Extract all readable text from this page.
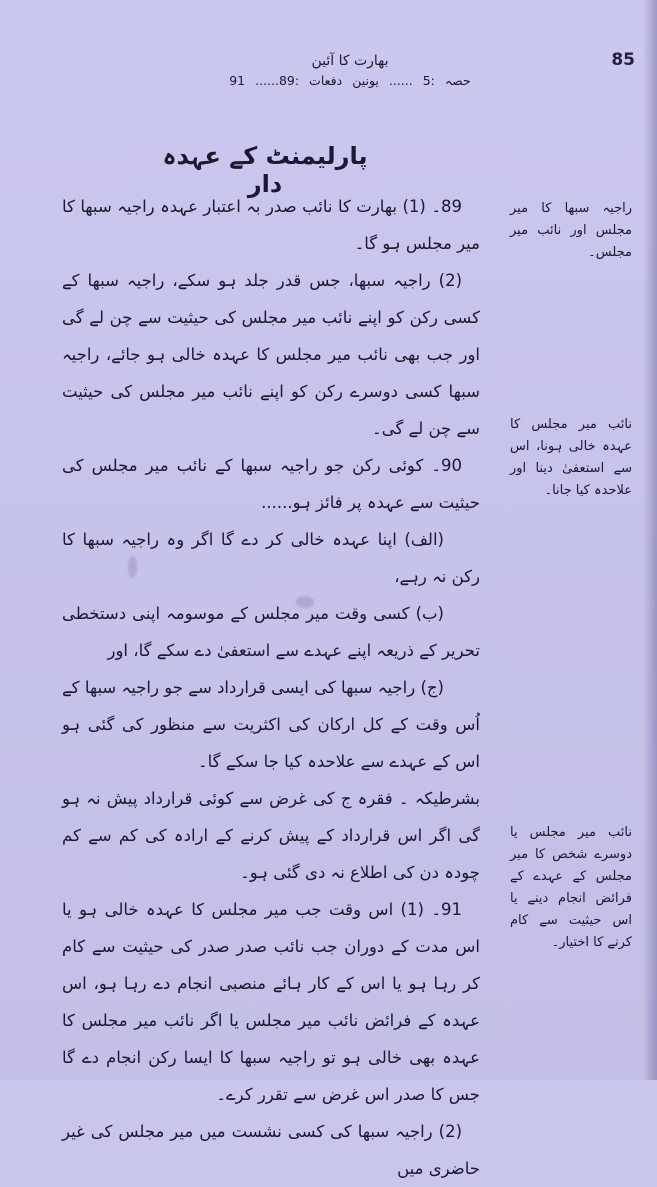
85
بھارت کا آئین
حصہ :5 ...... یونین دفعات :89...... 91
پارلیمنٹ کے عہدہ دار

89۔ (1) بھارت کا نائب صدر بہ اعتبار عہدہ راجیہ سبھا کا میر مجلس ہو گا۔

(2) راجیہ سبھا، جس قدر جلد ہو سکے، راجیہ سبھا کے کسی رکن کو اپنے نائب میر مجلس کی حیثیت سے چن لے گی اور جب بھی نائب میر مجلس کا عہدہ خالی ہو جائے، راجیہ سبھا کسی دوسرے رکن کو اپنے نائب میر مجلس کی حیثیت سے چن لے گی۔

90۔ کوئی رکن جو راجیہ سبھا کے نائب میر مجلس کی حیثیت سے عہدہ پر فائز ہو......

(الف) اپنا عہدہ خالی کر دے گا اگر وہ راجیہ سبھا کا رکن نہ رہے،

(ب) کسی وقت میر مجلس کے موسومہ اپنی دستخطی تحریر کے ذریعہ اپنے عہدے سے استعفیٰ دے سکے گا، اور

(ج) راجیہ سبھا کی ایسی قرارداد سے جو راجیہ سبھا کے اُس وقت کے کل ارکان کی اکثریت سے منظور کی گئی ہو اس کے عہدے سے علاحدہ کیا جا سکے گا۔

بشرطیکہ ۔ فقرہ ج کی غرض سے کوئی قرارداد پیش نہ ہو گی اگر اس قرارداد کے پیش کرنے کے ارادہ کی کم سے کم چودہ دن کی اطلاع نہ دی گئی ہو۔

91۔ (1) اس وقت جب میر مجلس کا عہدہ خالی ہو یا اس مدت کے دوران جب نائب صدر صدر کی حیثیت سے کام کر رہا ہو یا اس کے کار ہائے منصبی انجام دے رہا ہو، اس عہدہ کے فرائض نائب میر مجلس یا اگر نائب میر مجلس کا عہدہ بھی خالی ہو تو راجیہ سبھا کا ایسا رکن انجام دے گا جس کا صدر اس غرض سے تقرر کرے۔

(2) راجیہ سبھا کی کسی نشست میں میر مجلس کی غیر حاضری میں

راجیہ سبھا کا میر مجلس اور نائب میر مجلس۔
نائب میر مجلس کا عہدہ خالی ہونا، اس سے استعفیٰ دینا اور علاحدہ کیا جانا۔
نائب میر مجلس یا دوسرے شخص کا میر مجلس کے عہدے کے فرائض انجام دینے یا اس حیثیت سے کام کرنے کا اختیار۔
